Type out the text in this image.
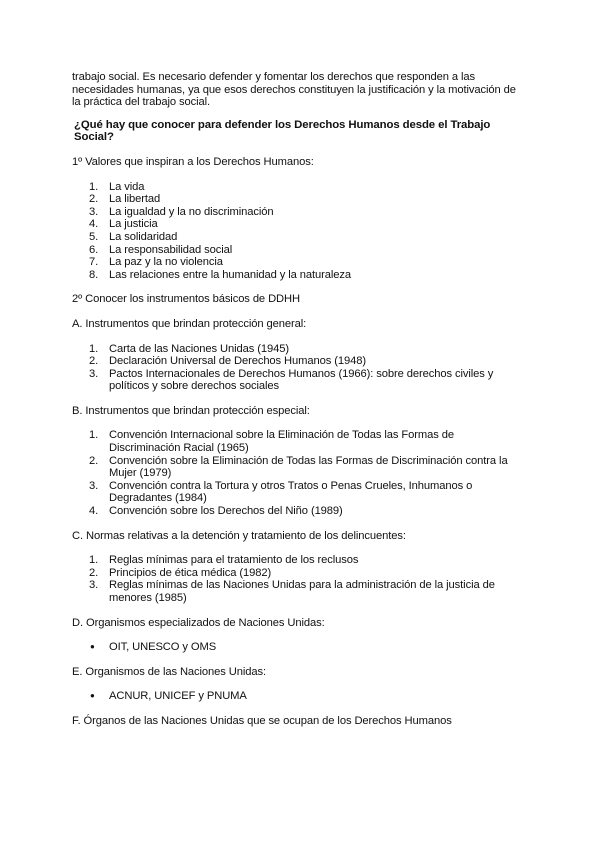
trabajo social. Es necesario defender y fomentar los derechos que responden a las necesidades humanas, ya que esos derechos constituyen la justificación y la motivación de la práctica del trabajo social.

¿Qué hay que conocer para defender los Derechos Humanos desde el Trabajo Social?

1º Valores que inspiran a los Derechos Humanos:

1. La vida
2. La libertad
3. La igualdad y la no discriminación
4. La justicia
5. La solidaridad
6. La responsabilidad social
7. La paz y la no violencia
8. Las relaciones entre la humanidad y la naturaleza

2º Conocer los instrumentos básicos de DDHH

A. Instrumentos que brindan protección general:

1. Carta de las Naciones Unidas (1945)
2. Declaración Universal de Derechos Humanos (1948)
3. Pactos Internacionales de Derechos Humanos (1966): sobre derechos civiles y políticos y sobre derechos sociales

B. Instrumentos que brindan protección especial:

1. Convención Internacional sobre la Eliminación de Todas las Formas de Discriminación Racial (1965)
2. Convención sobre la Eliminación de Todas las Formas de Discriminación contra la Mujer (1979)
3. Convención contra la Tortura y otros Tratos o Penas Crueles, Inhumanos o Degradantes (1984)
4. Convención sobre los Derechos del Niño (1989)

C. Normas relativas a la detención y tratamiento de los delincuentes:

1. Reglas mínimas para el tratamiento de los reclusos
2. Principios de ética médica (1982)
3. Reglas mínimas de las Naciones Unidas para la administración de la justicia de menores (1985)

D. Organismos especializados de Naciones Unidas:

● OIT, UNESCO y OMS

E. Organismos de las Naciones Unidas:

● ACNUR, UNICEF y PNUMA

F. Órganos de las Naciones Unidas que se ocupan de los Derechos Humanos
